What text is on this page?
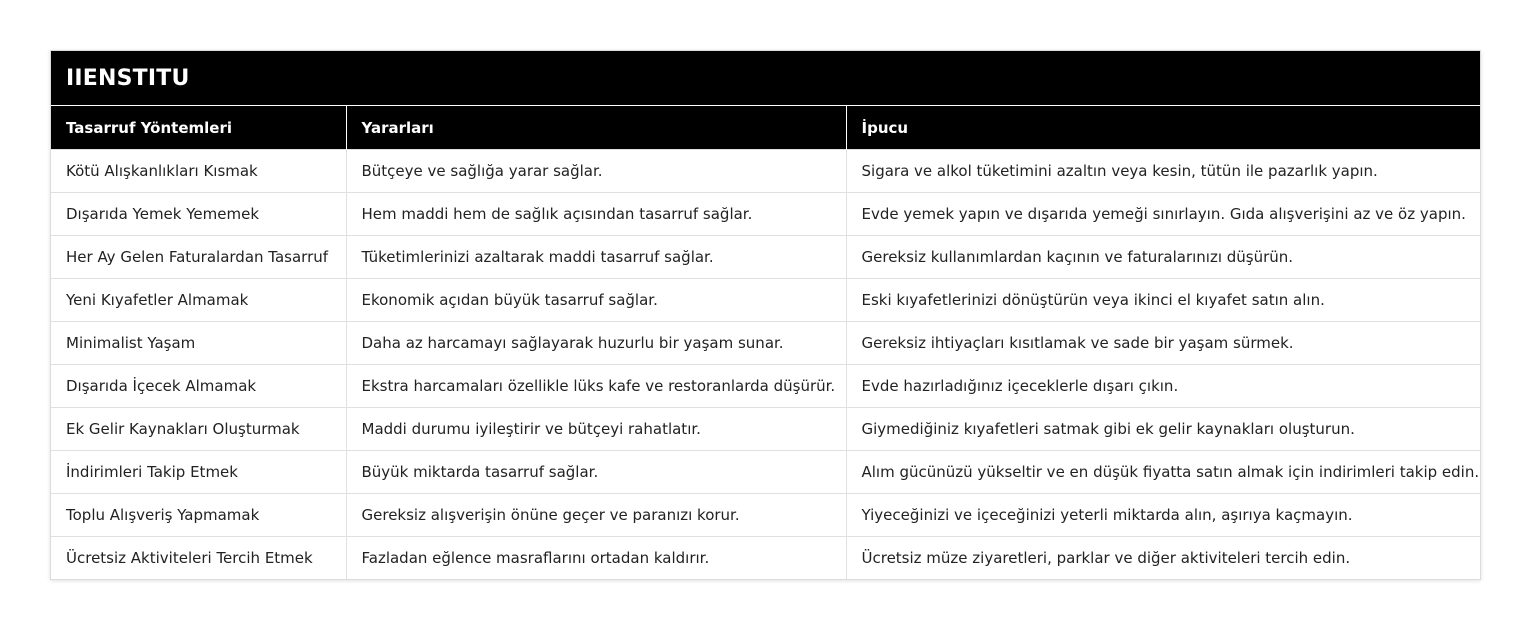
IIENSTITU		
Tasarruf Yöntemleri	Yararları	İpucu
Kötü Alışkanlıkları Kısmak	Bütçeye ve sağlığa yarar sağlar.	Sigara ve alkol tüketimini azaltın veya kesin, tütün ile pazarlık yapın.
Dışarıda Yemek Yememek	Hem maddi hem de sağlık açısından tasarruf sağlar.	Evde yemek yapın ve dışarıda yemeği sınırlayın. Gıda alışverişini az ve öz yapın.
Her Ay Gelen Faturalardan Tasarruf	Tüketimlerinizi azaltarak maddi tasarruf sağlar.	Gereksiz kullanımlardan kaçının ve faturalarınızı düşürün.
Yeni Kıyafetler Almamak	Ekonomik açıdan büyük tasarruf sağlar.	Eski kıyafetlerinizi dönüştürün veya ikinci el kıyafet satın alın.
Minimalist Yaşam	Daha az harcamayı sağlayarak huzurlu bir yaşam sunar.	Gereksiz ihtiyaçları kısıtlamak ve sade bir yaşam sürmek.
Dışarıda İçecek Almamak	Ekstra harcamaları özellikle lüks kafe ve restoranlarda düşürür.	Evde hazırladığınız içeceklerle dışarı çıkın.
Ek Gelir Kaynakları Oluşturmak	Maddi durumu iyileştirir ve bütçeyi rahatlatır.	Giymediğiniz kıyafetleri satmak gibi ek gelir kaynakları oluşturun.
İndirimleri Takip Etmek	Büyük miktarda tasarruf sağlar.	Alım gücünüzü yükseltir ve en düşük fiyatta satın almak için indirimleri takip edin.
Toplu Alışveriş Yapmamak	Gereksiz alışverişin önüne geçer ve paranızı korur.	Yiyeceğinizi ve içeceğinizi yeterli miktarda alın, aşırıya kaçmayın.
Ücretsiz Aktiviteleri Tercih Etmek	Fazladan eğlence masraflarını ortadan kaldırır.	Ücretsiz müze ziyaretleri, parklar ve diğer aktiviteleri tercih edin.
